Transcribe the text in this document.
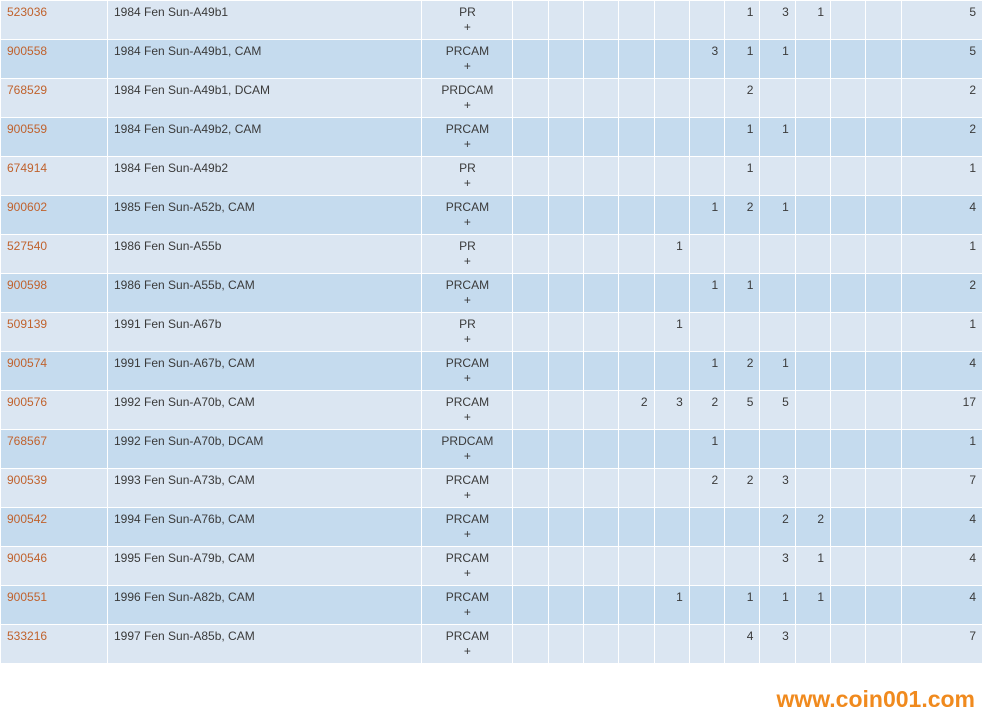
523036	1984 Fen Sun-A49b1	PR
+							1	3	1			5
900558	1984 Fen Sun-A49b1, CAM	PRCAM
+						3	1	1				5
768529	1984 Fen Sun-A49b1, DCAM	PRDCAM
+							2					2
900559	1984 Fen Sun-A49b2, CAM	PRCAM
+							1	1				2
674914	1984 Fen Sun-A49b2	PR
+							1					1
900602	1985 Fen Sun-A52b, CAM	PRCAM
+						1	2	1				4
527540	1986 Fen Sun-A55b	PR
+					1							1
900598	1986 Fen Sun-A55b, CAM	PRCAM
+						1	1					2
509139	1991 Fen Sun-A67b	PR
+					1							1
900574	1991 Fen Sun-A67b, CAM	PRCAM
+						1	2	1				4
900576	1992 Fen Sun-A70b, CAM	PRCAM
+				2	3	2	5	5				17
768567	1992 Fen Sun-A70b, DCAM	PRDCAM
+						1						1
900539	1993 Fen Sun-A73b, CAM	PRCAM
+						2	2	3				7
900542	1994 Fen Sun-A76b, CAM	PRCAM
+								2	2			4
900546	1995 Fen Sun-A79b, CAM	PRCAM
+								3	1			4
900551	1996 Fen Sun-A82b, CAM	PRCAM
+					1		1	1	1			4
533216	1997 Fen Sun-A85b, CAM	PRCAM
+							4	3				7
www.coin001.com
